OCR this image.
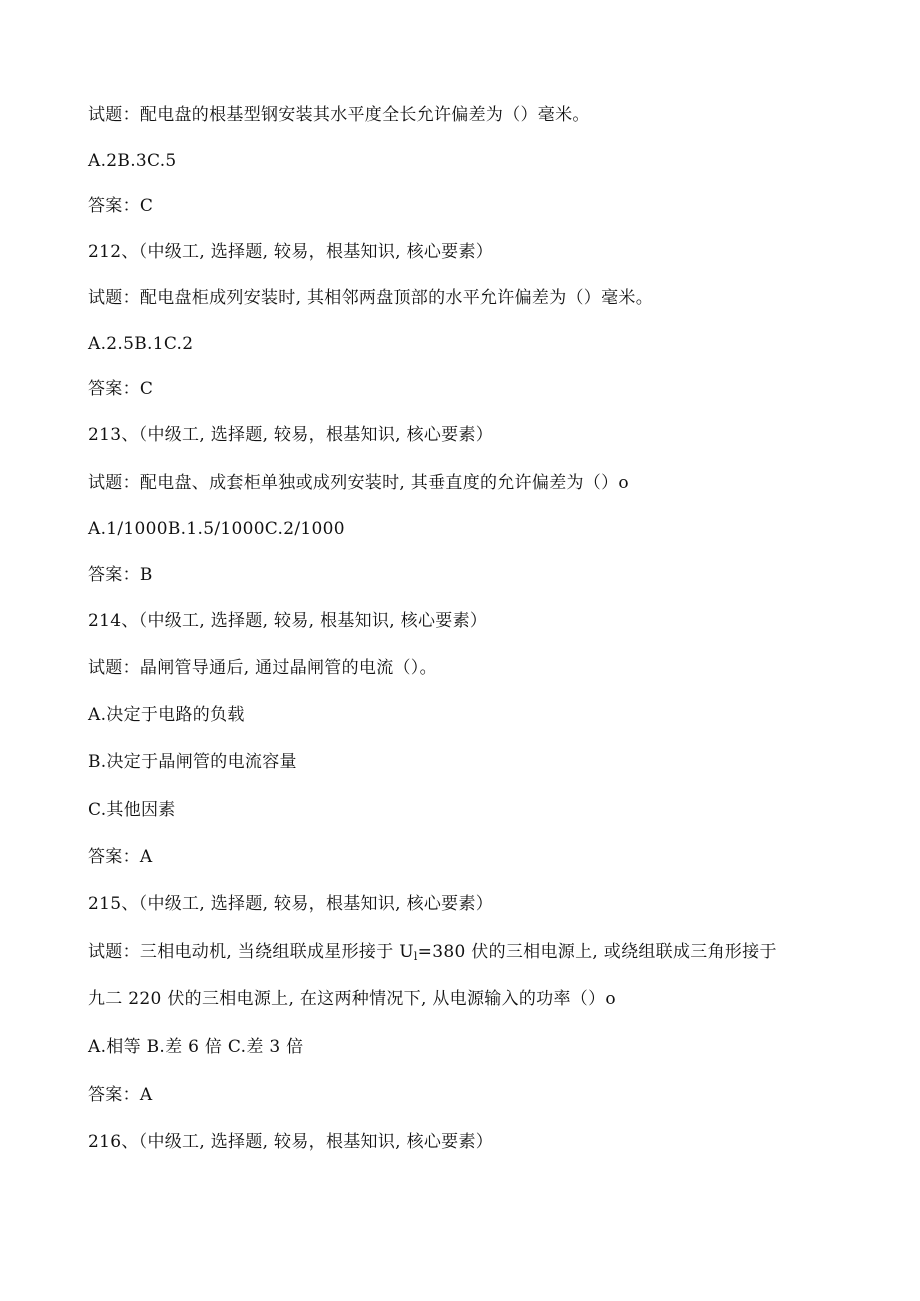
试题：配电盘的根基型钢安装其水平度全长允许偏差为（）毫米。
A.2B.3C.5
答案：C
212、（中级工, 选择题, 较易，根基知识, 核心要素）
试题：配电盘柜成列安装时, 其相邻两盘顶部的水平允许偏差为（）毫米。
A.2.5B.1C.2
答案：C
213、（中级工, 选择题, 较易，根基知识, 核心要素）
试题：配电盘、成套柜单独或成列安装时, 其垂直度的允许偏差为（）o
A.1/1000B.1.5/1000C.2/1000
答案：B
214、（中级工, 选择题, 较易, 根基知识, 核心要素）
试题：晶闸管导通后, 通过晶闸管的电流（）。
A.决定于电路的负载
B.决定于晶闸管的电流容量
C.其他因素
答案：A
215、（中级工, 选择题, 较易，根基知识, 核心要素）
试题：三相电动机, 当绕组联成星形接于 $U_l=380$ 伏的三相电源上, 或绕组联成三角形接于
九二 220 伏的三相电源上, 在这两种情况下, 从电源输入的功率（）o
A.相等 B.差 6 倍 C.差 3 倍
答案：A
216、（中级工, 选择题, 较易，根基知识, 核心要素）
